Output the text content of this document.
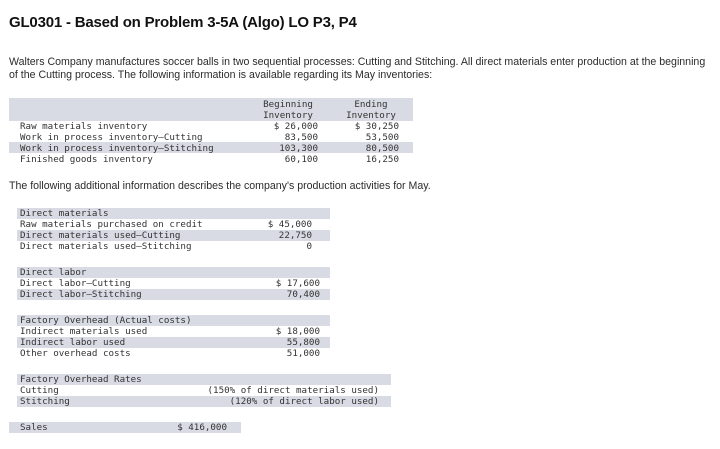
GL0301 - Based on Problem 3-5A (Algo) LO P3, P4

Walters Company manufactures soccer balls in two sequential processes: Cutting and Stitching. All direct materials enter production at the beginning of the Cutting process. The following information is available regarding its May inventories:

Beginning
Inventory
Ending
Inventory
Raw materials inventory	$ 26,000	$ 30,250
Work in process inventory—Cutting	83,500	53,500
Work in process inventory—Stitching	103,300	80,500
Finished goods inventory	60,100	16,250

The following additional information describes the company's production activities for May.

Direct materials
Raw materials purchased on credit	$ 45,000
Direct materials used—Cutting	22,750
Direct materials used—Stitching	0
Direct labor
Direct labor—Cutting	$ 17,600
Direct labor—Stitching	70,400
Factory Overhead (Actual costs)
Indirect materials used	$ 18,000
Indirect labor used	55,800
Other overhead costs	51,000
Factory Overhead Rates
Cutting	(150% of direct materials used)
Stitching	(120% of direct labor used)
Sales	$ 416,000
